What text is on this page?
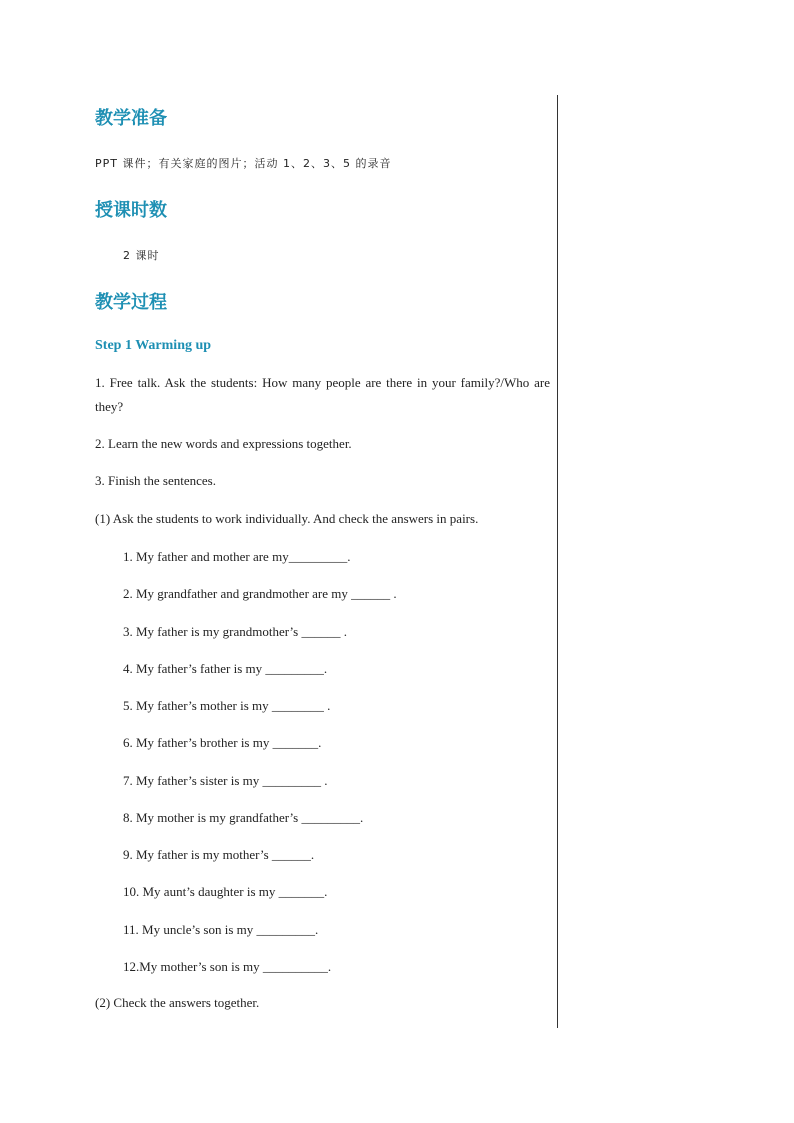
教学准备
PPT 课件；有关家庭的图片；活动 1、2、3、5 的录音
授课时数
2 课时
教学过程
Step 1 Warming up
1. Free talk. Ask the students: How many people are there in your family?/Who are they?
2. Learn the new words and expressions together.
3. Finish the sentences.
(1) Ask the students to work individually. And check the answers in pairs.
1. My father and mother are my_________.
2. My grandfather and grandmother are my ______ .
3. My father is my grandmother’s ______ .
4. My father’s father is my _________.
5. My father’s mother is my ________ .
6. My father’s brother is my _______.
7. My father’s sister is my _________ .
8. My mother is my grandfather’s _________.
9. My father is my mother’s ______.
10. My aunt’s daughter is my _______.
11. My uncle’s son is my _________.
12.My mother’s son is my __________.
(2) Check the answers together.
